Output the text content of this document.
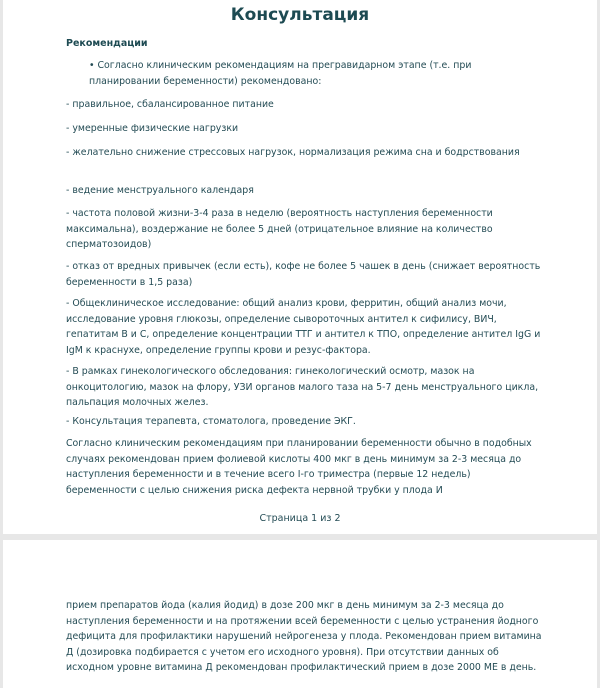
Консультация

Рекомендации

• Согласно клиническим рекомендациям на прегравидарном этапе (т.е. при планировании беременности) рекомендовано:

- правильное, сбалансированное питание

- умеренные физические нагрузки

- желательно снижение стрессовых нагрузок, нормализация режима сна и бодрствования

- ведение менструального календаря

- частота половой жизни-3-4 раза в неделю (вероятность наступления беременности максимальна), воздержание не более 5 дней (отрицательное влияние на количество сперматозоидов)

- отказ от вредных привычек (если есть), кофе не более 5 чашек в день (снижает вероятность беременности в 1,5 раза)

- Общеклиническое исследование: общий анализ крови, ферритин, общий анализ мочи, исследование уровня глюкозы, определение сывороточных антител к сифилису, ВИЧ, гепатитам В и С, определение концентрации ТТГ и антител к ТПО, определение антител IgG и IgM к краснухе, определение группы крови и резус-фактора.

- В рамках гинекологического обследования: гинекологический осмотр, мазок на онкоцитологию, мазок на флору, УЗИ органов малого таза на 5-7 день менструального цикла, пальпация молочных желез.

- Консультация терапевта, стоматолога, проведение ЭКГ.

Согласно клиническим рекомендациям при планировании беременности обычно в подобных случаях рекомендован прием фолиевой кислоты 400 мкг в день минимум за 2-3 месяца до наступления беременности и в течение всего I-го триместра (первые 12 недель) беременности с целью снижения риска дефекта нервной трубки у плода И

Страница 1 из 2

прием препаратов йода (калия йодид) в дозе 200 мкг в день минимум за 2-3 месяца до наступления беременности и на протяжении всей беременности с целью устранения йодного дефицита для профилактики нарушений нейрогенеза у плода. Рекомендован прием витамина Д (дозировка подбирается с учетом его исходного уровня). При отсутствии данных об исходном уровне витамина Д рекомендован профилактический прием в дозе 2000 МЕ в день.
